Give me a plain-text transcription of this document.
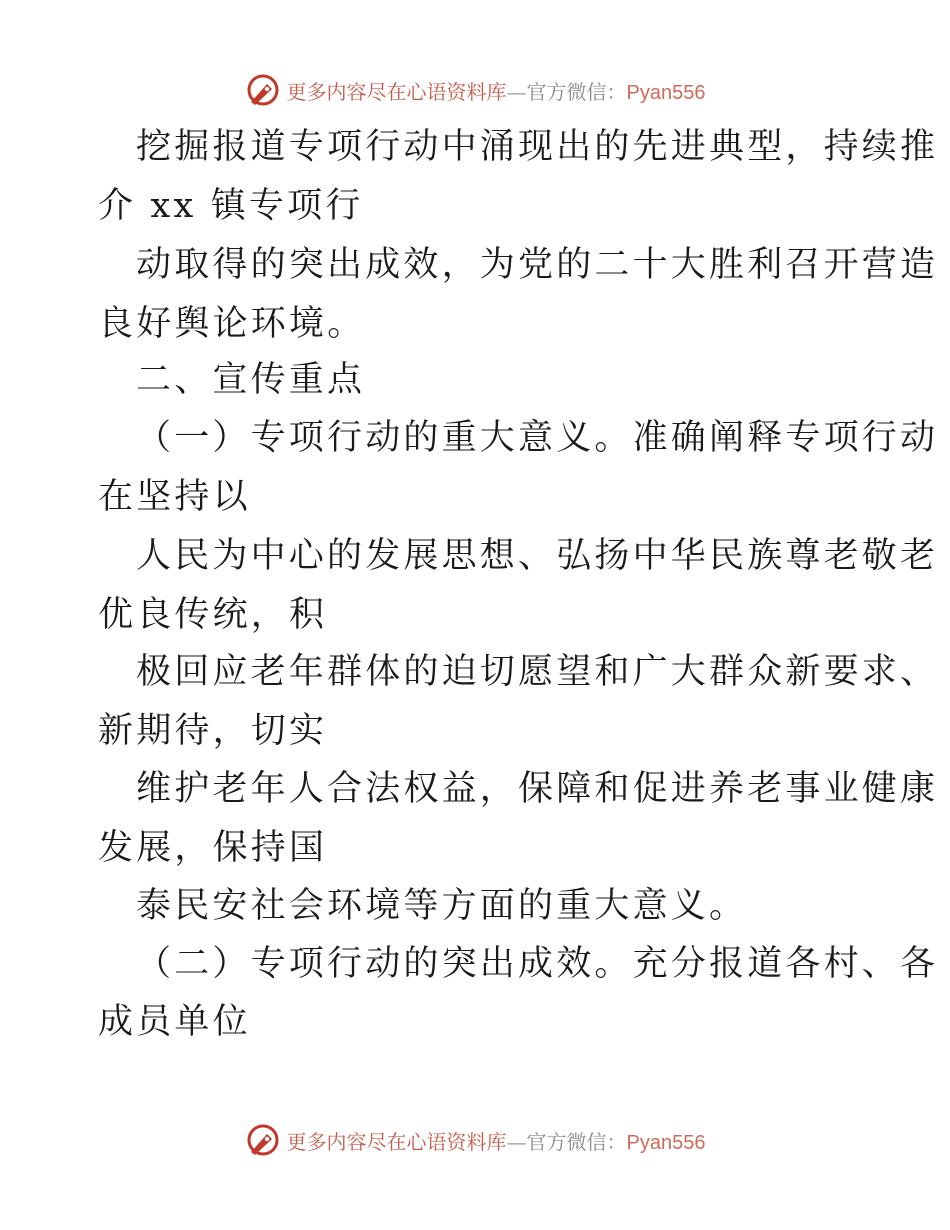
更多内容尽在心语资料库—官方微信：Pyan556
挖掘报道专项行动中涌现出的先进典型，持续推
介 xx 镇专项行
动取得的突出成效，为党的二十大胜利召开营造
良好舆论环境。
二、宣传重点
（一）专项行动的重大意义。准确阐释专项行动
在坚持以
人民为中心的发展思想、弘扬中华民族尊老敬老
优良传统，积
极回应老年群体的迫切愿望和广大群众新要求、
新期待，切实
维护老年人合法权益，保障和促进养老事业健康
发展，保持国
泰民安社会环境等方面的重大意义。
（二）专项行动的突出成效。充分报道各村、各
成员单位
更多内容尽在心语资料库—官方微信：Pyan556
